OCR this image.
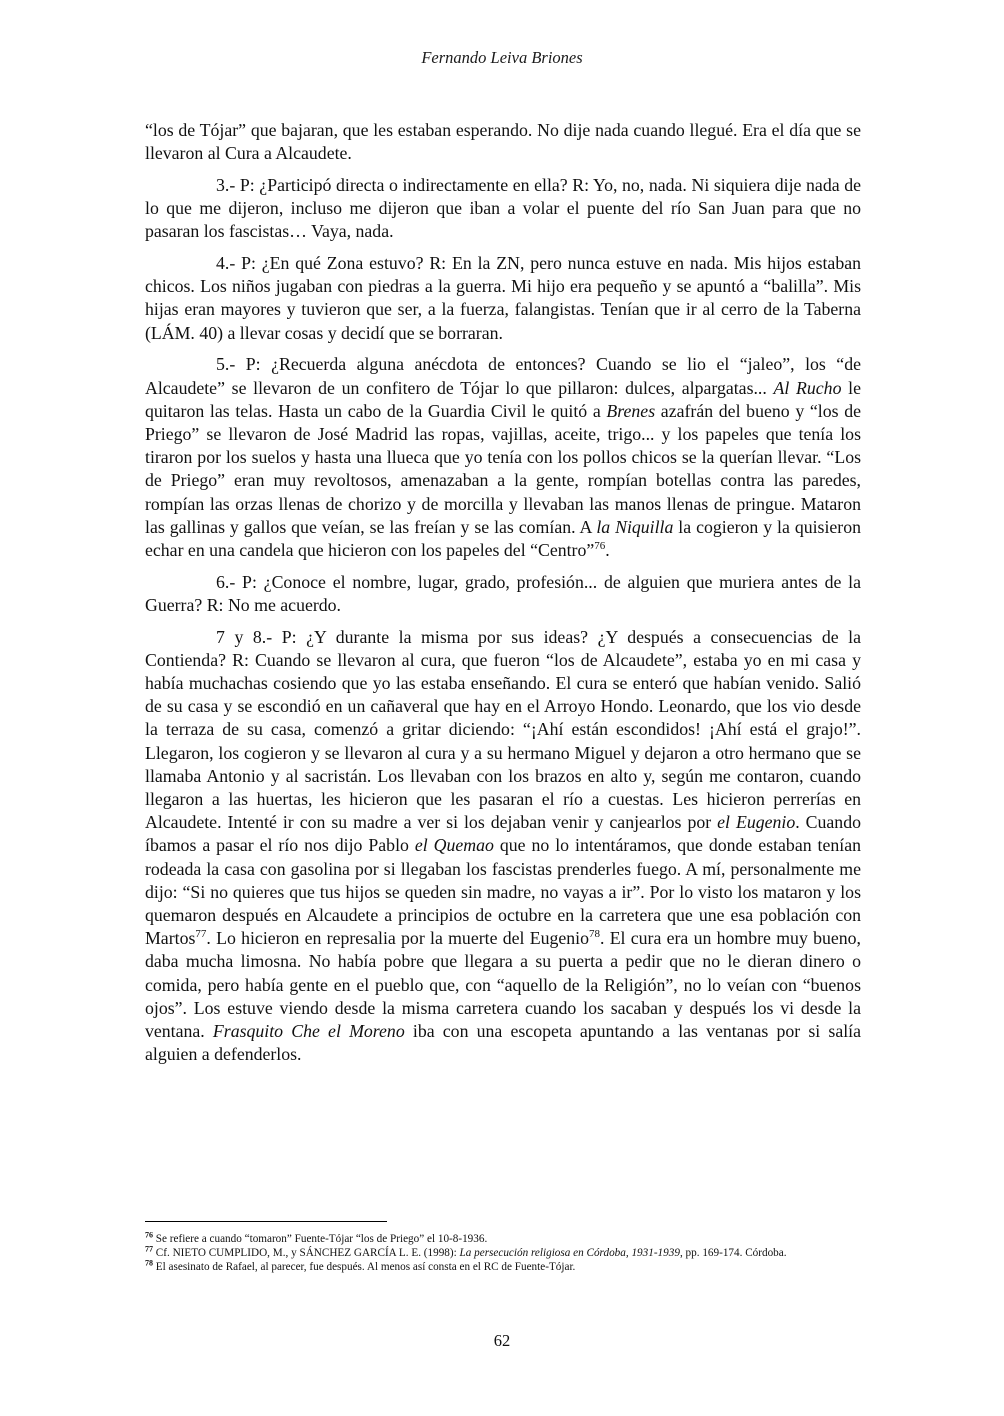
Fernando Leiva Briones

“los de Tójar” que bajaran, que les estaban esperando. No dije nada cuando llegué. Era el día que se llevaron al Cura a Alcaudete.

3.- P: ¿Participó directa o indirectamente en ella? R: Yo, no, nada. Ni siquiera dije nada de lo que me dijeron, incluso me dijeron que iban a volar el puente del río San Juan para que no pasaran los fascistas… Vaya, nada.

4.- P: ¿En qué Zona estuvo? R: En la ZN, pero nunca estuve en nada. Mis hijos estaban chicos. Los niños jugaban con piedras a la guerra. Mi hijo era pequeño y se apuntó a “balilla”. Mis hijas eran mayores y tuvieron que ser, a la fuerza, falangistas. Tenían que ir al cerro de la Taberna (LÁM. 40) a llevar cosas y decidí que se borraran.

5.- P: ¿Recuerda alguna anécdota de entonces? Cuando se lio el “jaleo”, los “de Alcaudete” se llevaron de un confitero de Tójar lo que pillaron: dulces, alpargatas... Al Rucho le quitaron las telas. Hasta un cabo de la Guardia Civil le quitó a Brenes azafrán del bueno y “los de Priego” se llevaron de José Madrid las ropas, vajillas, aceite, trigo... y los papeles que tenía los tiraron por los suelos y hasta una llueca que yo tenía con los pollos chicos se la querían llevar. “Los de Priego” eran muy revoltosos, amenazaban a la gente, rompían botellas contra las paredes, rompían las orzas llenas de chorizo y de morcilla y llevaban las manos llenas de pringue. Mataron las gallinas y gallos que veían, se las freían y se las comían. A la Niquilla la cogieron y la quisieron echar en una candela que hicieron con los papeles del “Centro”$^{76}$.

6.- P: ¿Conoce el nombre, lugar, grado, profesión... de alguien que muriera antes de la Guerra? R: No me acuerdo.

7 y 8.- P: ¿Y durante la misma por sus ideas? ¿Y después a consecuencias de la Contienda? R: Cuando se llevaron al cura, que fueron “los de Alcaudete”, estaba yo en mi casa y había muchachas cosiendo que yo las estaba enseñando. El cura se enteró que habían venido. Salió de su casa y se escondió en un cañaveral que hay en el Arroyo Hondo. Leonardo, que los vio desde la terraza de su casa, comenzó a gritar diciendo: “¡Ahí están escondidos! ¡Ahí está el grajo!”. Llegaron, los cogieron y se llevaron al cura y a su hermano Miguel y dejaron a otro hermano que se llamaba Antonio y al sacristán. Los llevaban con los brazos en alto y, según me contaron, cuando llegaron a las huertas, les hicieron que les pasaran el río a cuestas. Les hicieron perrerías en Alcaudete. Intenté ir con su madre a ver si los dejaban venir y canjearlos por el Eugenio. Cuando íbamos a pasar el río nos dijo Pablo el Quemao que no lo intentáramos, que donde estaban tenían rodeada la casa con gasolina por si llegaban los fascistas prenderles fuego. A mí, personalmente me dijo: “Si no quieres que tus hijos se queden sin madre, no vayas a ir”. Por lo visto los mataron y los quemaron después en Alcaudete a principios de octubre en la carretera que une esa población con Martos$^{77}$. Lo hicieron en represalia por la muerte del Eugenio$^{78}$. El cura era un hombre muy bueno, daba mucha limosna. No había pobre que llegara a su puerta a pedir que no le dieran dinero o comida, pero había gente en el pueblo que, con “aquello de la Religión”, no lo veían con “buenos ojos”. Los estuve viendo desde la misma carretera cuando los sacaban y después los vi desde la ventana. Frasquito Che el Moreno iba con una escopeta apuntando a las ventanas por si salía alguien a defenderlos.

$^{76}$ Se refiere a cuando “tomaron” Fuente-Tójar “los de Priego” el 10-8-1936.

$^{77}$ Cf. NIETO CUMPLIDO, M., y SÁNCHEZ GARCÍA L. E. (1998): La persecución religiosa en Córdoba, 1931-1939, pp. 169-174. Córdoba.

$^{78}$ El asesinato de Rafael, al parecer, fue después. Al menos así consta en el RC de Fuente-Tójar.

62
